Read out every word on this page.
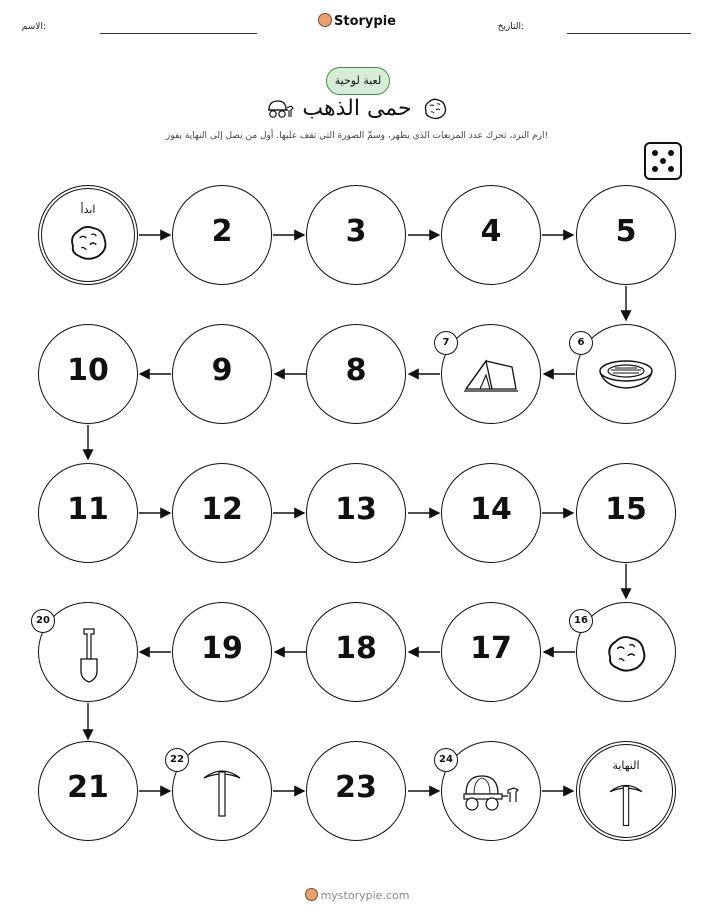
الاسم:	Storypie	التاريخ:
لعبة لوحية
حمى الذهب
ارم النرد، تحرك عدد المربعات الذي يظهر، وسمِّ الصورة التي تقف عليها. أول من يصل إلى النهاية يفوز!
ابدأ
2	3	4	5
10	9	8
7	6
11	12	13	14	15
20
19	18	17
16
21
22
23
24	النهاية
mystorypie.com
